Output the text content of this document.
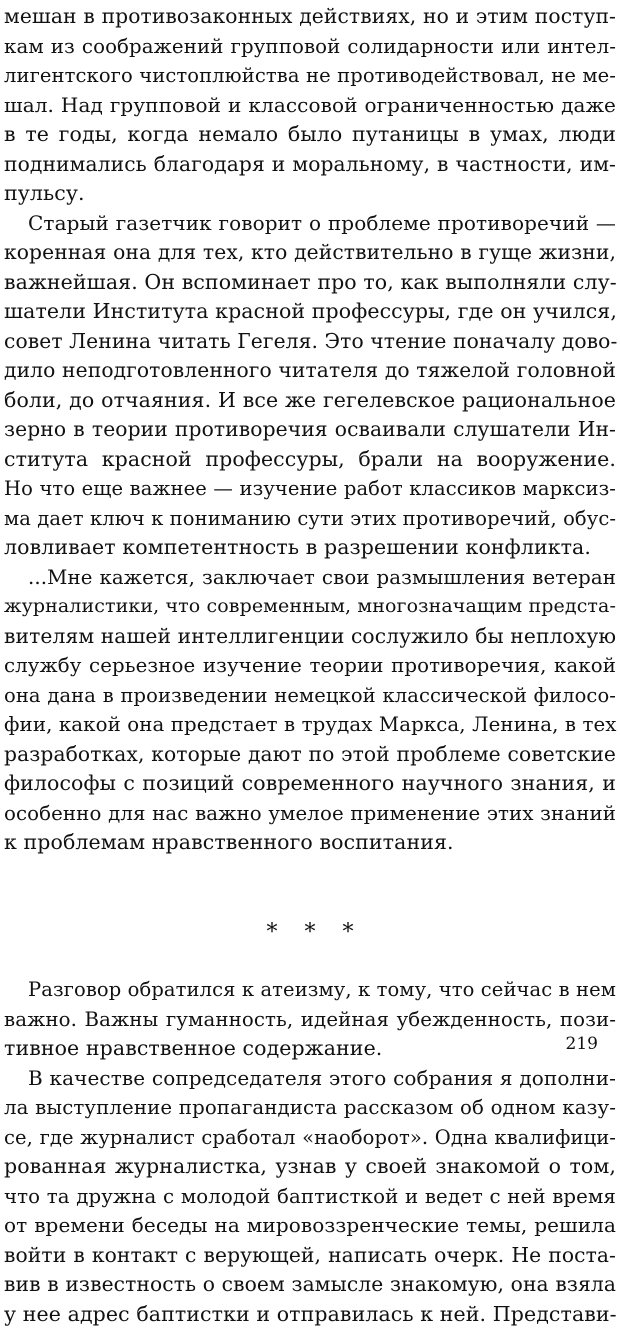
мешан в противозаконных действиях, но и этим поступ-
кам из соображений групповой солидарности или интел-
лигентского чистоплюйства не противодействовал, не ме-
шал. Над групповой и классовой ограниченностью даже
в те годы, когда немало было путаницы в умах, люди
поднимались благодаря и моральному, в частности, им-
пульсу.
Старый газетчик говорит о проблеме противоречий —
коренная она для тех, кто действительно в гуще жизни,
важнейшая. Он вспоминает про то, как выполняли слу-
шатели Института красной профессуры, где он учился,
совет Ленина читать Гегеля. Это чтение поначалу дово-
дило неподготовленного читателя до тяжелой головной
боли, до отчаяния. И все же гегелевское рациональное
зерно в теории противоречия осваивали слушатели Ин-
ститута красной профессуры, брали на вооружение.
Но что еще важнее — изучение работ классиков марксиз-
ма дает ключ к пониманию сути этих противоречий, обус-
ловливает компетентность в разрешении конфликта.
...Мне кажется, заключает свои размышления ветеран
журналистики, что современным, многозначащим предста-
вителям нашей интеллигенции сослужило бы неплохую
службу серьезное изучение теории противоречия, какой
она дана в произведении немецкой классической филосо-
фии, какой она предстает в трудах Маркса, Ленина, в тех
разработках, которые дают по этой проблеме советские
философы с позиций современного научного знания, и
особенно для нас важно умелое применение этих знаний
к проблемам нравственного воспитания.
* * *
Разговор обратился к атеизму, к тому, что сейчас в нем
важно. Важны гуманность, идейная убежденность, пози-
тивное нравственное содержание.
В качестве сопредседателя этого собрания я дополни-
ла выступление пропагандиста рассказом об одном казу-
се, где журналист сработал «наоборот». Одна квалифици-
рованная журналистка, узнав у своей знакомой о том,
что та дружна с молодой баптисткой и ведет с ней время
от времени беседы на мировоззренческие темы, решила
войти в контакт с верующей, написать очерк. Не поста-
вив в известность о своем замысле знакомую, она взяла
у нее адрес баптистки и отправилась к ней. Представи-
219
